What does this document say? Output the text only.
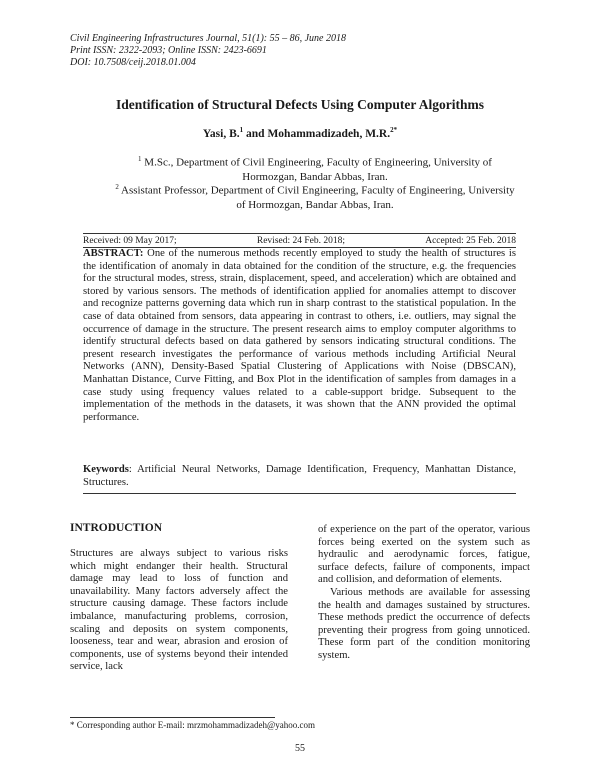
Civil Engineering Infrastructures Journal, 51(1): 55 – 86, June 2018
Print ISSN: 2322-2093; Online ISSN: 2423-6691
DOI: 10.7508/ceij.2018.01.004
Identification of Structural Defects Using Computer Algorithms
Yasi, B.$^1$ and Mohammadizadeh, M.R.$^{2*}$
$^1$ M.Sc., Department of Civil Engineering, Faculty of Engineering, University of Hormozgan, Bandar Abbas, Iran.
$^2$ Assistant Professor, Department of Civil Engineering, Faculty of Engineering, University of Hormozgan, Bandar Abbas, Iran.
Received: 09 May 2017;	Revised: 24 Feb. 2018;	Accepted: 25 Feb. 2018
ABSTRACT: One of the numerous methods recently employed to study the health of structures is the identification of anomaly in data obtained for the condition of the structure, e.g. the frequencies for the structural modes, stress, strain, displacement, speed, and acceleration) which are obtained and stored by various sensors. The methods of identification applied for anomalies attempt to discover and recognize patterns governing data which run in sharp contrast to the statistical population. In the case of data obtained from sensors, data appearing in contrast to others, i.e. outliers, may signal the occurrence of damage in the structure. The present research aims to employ computer algorithms to identify structural defects based on data gathered by sensors indicating structural conditions. The present research investigates the performance of various methods including Artificial Neural Networks (ANN), Density-Based Spatial Clustering of Applications with Noise (DBSCAN), Manhattan Distance, Curve Fitting, and Box Plot in the identification of samples from damages in a case study using frequency values related to a cable-support bridge. Subsequent to the implementation of the methods in the datasets, it was shown that the ANN provided the optimal performance.
Keywords: Artificial Neural Networks, Damage Identification, Frequency, Manhattan Distance, Structures.
INTRODUCTION

Structures are always subject to various risks which might endanger their health. Structural damage may lead to loss of function and unavailability. Many factors adversely affect the structure causing damage. These factors include imbalance, manufacturing problems, corrosion, scaling and deposits on system components, looseness, tear and wear, abrasion and erosion of components, use of systems beyond their intended service, lack

of experience on the part of the operator, various forces being exerted on the system such as hydraulic and aerodynamic forces, fatigue, surface defects, failure of components, impact and collision, and deformation of elements.

Various methods are available for assessing the health and damages sustained by structures. These methods predict the occurrence of defects preventing their progress from going unnoticed. These form part of the condition monitoring system.

* Corresponding author E-mail: mrzmohammadizadeh@yahoo.com
55
